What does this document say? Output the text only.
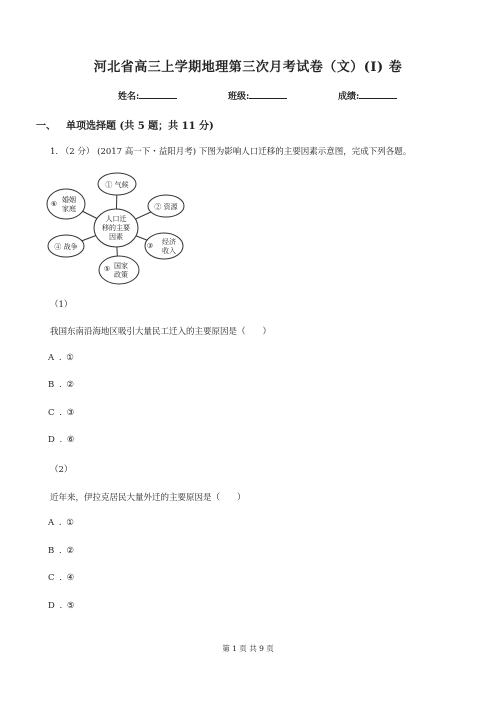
河北省高三上学期地理第三次月考试卷（文）(I) 卷
姓名:	班级:	成绩:
一、 单项选择题 (共 5 题；共 11 分)
1. （2 分） (2017 高一下・益阳月考) 下图为影响人口迁移的主要因素示意图，完成下列各题。
人口迁
移的主要
因素
① 气候
② 资源
③ 经济
收入
⑤ 国家
政策
④ 战争
⑥ 婚姻
家庭
（1）
我国东南沿海地区吸引大量民工迁入的主要原因是（　　）
A . ①
B . ②
C . ③
D . ⑥
（2）
近年来，伊拉克居民大量外迁的主要原因是（　　）
A . ①
B . ②
C . ④
D . ⑤
第 1 页 共 9 页
